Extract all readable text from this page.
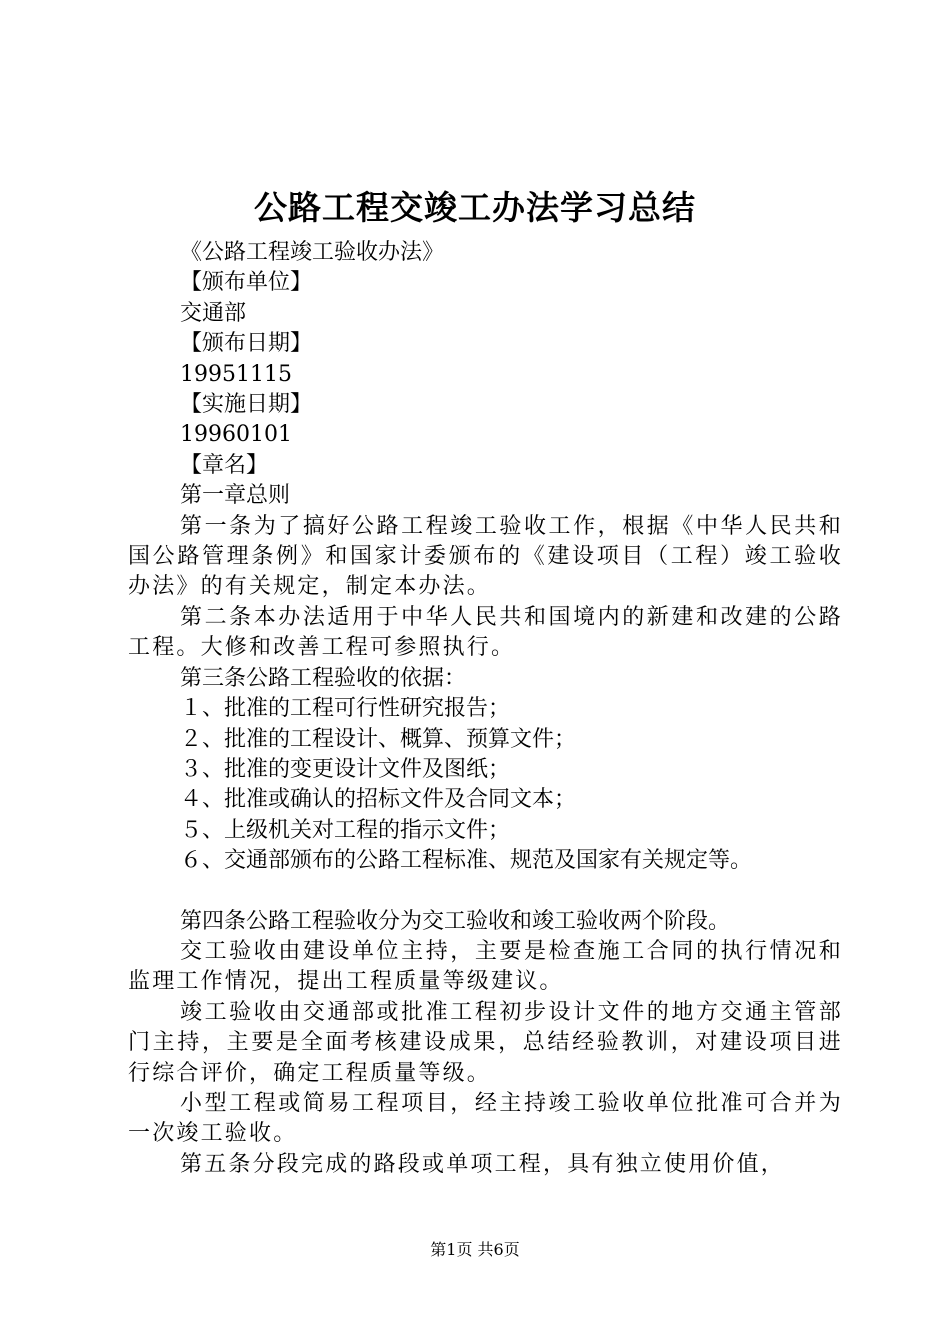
公路工程交竣工办法学习总结
《公路工程竣工验收办法》
【颁布单位】
交通部
【颁布日期】
19951115
【实施日期】
19960101
【章名】
第一章总则
第一条为了搞好公路工程竣工验收工作，根据《中华人民共和国公路管理条例》和国家计委颁布的《建设项目（工程）竣工验收办法》的有关规定，制定本办法。
第二条本办法适用于中华人民共和国境内的新建和改建的公路工程。大修和改善工程可参照执行。
第三条公路工程验收的依据：
１、批准的工程可行性研究报告；
２、批准的工程设计、概算、预算文件；
３、批准的变更设计文件及图纸；
４、批准或确认的招标文件及合同文本；
５、上级机关对工程的指示文件；
６、交通部颁布的公路工程标准、规范及国家有关规定等。
第四条公路工程验收分为交工验收和竣工验收两个阶段。
交工验收由建设单位主持，主要是检查施工合同的执行情况和监理工作情况，提出工程质量等级建议。
竣工验收由交通部或批准工程初步设计文件的地方交通主管部门主持，主要是全面考核建设成果，总结经验教训，对建设项目进行综合评价，确定工程质量等级。
小型工程或简易工程项目，经主持竣工验收单位批准可合并为一次竣工验收。
第五条分段完成的路段或单项工程，具有独立使用价值，
第1页 共6页
